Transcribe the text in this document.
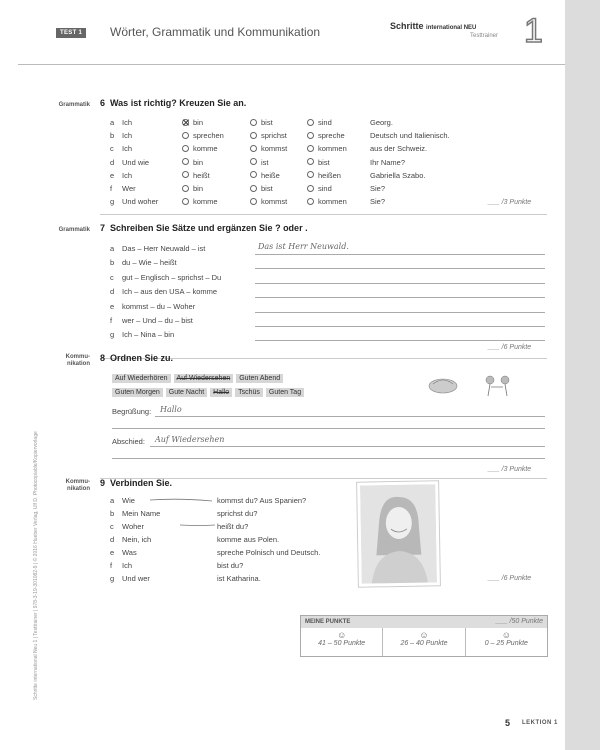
TEST 1	Wörter, Grammatik und Kommunikation	Schritte international NEU
Testtrainer 1
Grammatik 6 Was ist richtig? Kreuzen Sie an.
a Ich	bin	bist	sind	Georg.
b Ich	sprechen	sprichst	spreche	Deutsch und Italienisch.
c Ich	komme	kommst	kommen	aus der Schweiz.
d Und wie	bin	ist	bist	Ihr Name?
e Ich	heißt	heiße	heißen	Gabriella Szabo.
f Wer	bin	bist	sind	Sie?
g Und woher	komme	kommst	kommen	Sie?	___ /3 Punkte
Grammatik 7 Schreiben Sie Sätze und ergänzen Sie ? oder .
a Das – Herr Neuwald – ist
b du – Wie – heißt
c gut – Englisch – sprichst – Du
d Ich – aus den USA – komme
e kommst – du – Woher
f wer – Und – du – bist
g Ich – Nina – bin
Das ist Herr Neuwald.
___ /6 Punkte
Kommu-nikation
8 Ordnen Sie zu.
Auf Wiederhören	Auf Wiedersehen	Guten Abend
Guten Morgen	Gute Nacht	Hallo	Tschüs	Guten Tag
Begrüßung: Hallo
Abschied: Auf Wiedersehen
___ /3 Punkte
Kommu-nikation
9 Verbinden Sie.
a Wie	kommst du? Aus Spanien?
b Mein Name	sprichst du?
c Woher	heißt du?
d Nein, ich	komme aus Polen.
e Was	spreche Polnisch und Deutsch.
f Ich	bist du?
g Und wer	ist Katharina.	___ /6 Punkte
MEINE PUNKTE	___ /50 Punkte
☺
41 – 50 Punkte
☺
26 – 40 Punkte
☺
0 – 25 Punkte
5 LEKTION 1
Schritte international Neu 1 | Testtrainer | 978-3-19-301082-9 | © 2016 Hueber Verlag, Ulf D. Photocopiable/Kopiervorlage
